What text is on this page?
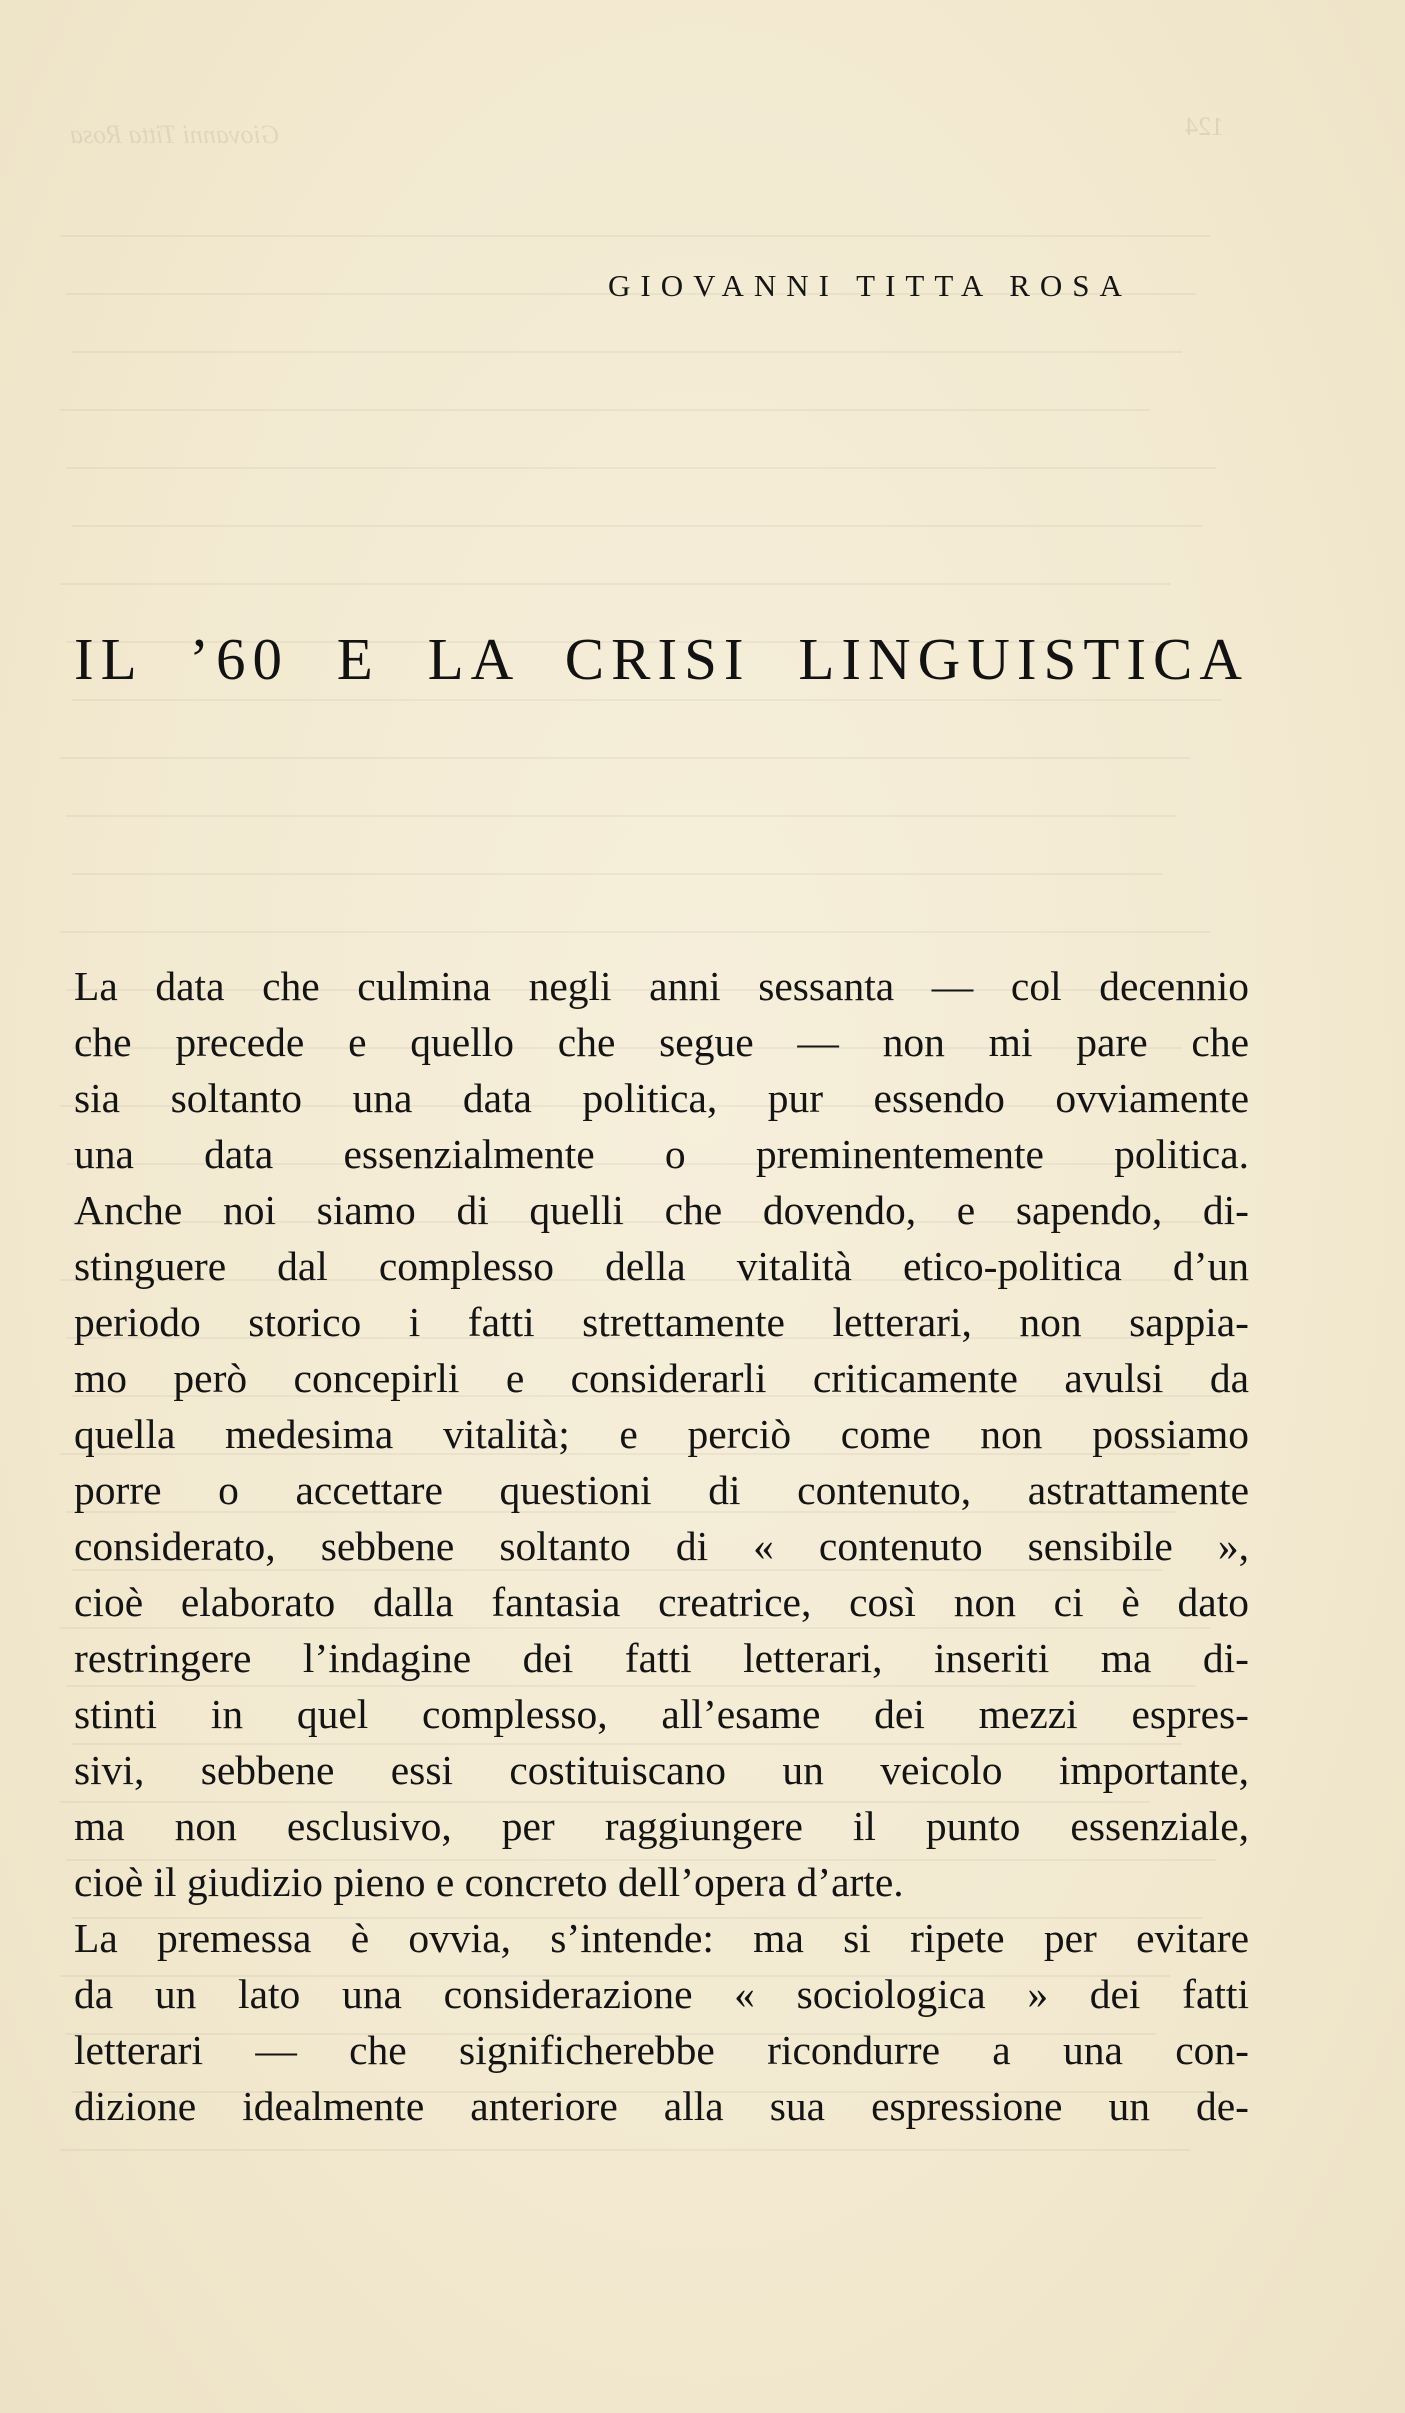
Giovanni Titta Rosa	124
GIOVANNI TITTA ROSA
IL ’60 E LA CRISI LINGUISTICA
La data che culmina negli anni sessanta — col decennio
che precede e quello che segue — non mi pare che
sia soltanto una data politica, pur essendo ovviamente
una data essenzialmente o preminentemente politica.
Anche noi siamo di quelli che dovendo, e sapendo, di-
stinguere dal complesso della vitalità etico-politica d’un
periodo storico i fatti strettamente letterari, non sappia-
mo però concepirli e considerarli criticamente avulsi da
quella medesima vitalità; e perciò come non possiamo
porre o accettare questioni di contenuto, astrattamente
considerato, sebbene soltanto di « contenuto sensibile »,
cioè elaborato dalla fantasia creatrice, così non ci è dato
restringere l’indagine dei fatti letterari, inseriti ma di-
stinti in quel complesso, all’esame dei mezzi espres-
sivi, sebbene essi costituiscano un veicolo importante,
ma non esclusivo, per raggiungere il punto essenziale,
cioè il giudizio pieno e concreto dell’opera d’arte.
La premessa è ovvia, s’intende: ma si ripete per evitare
da un lato una considerazione « sociologica » dei fatti
letterari — che significherebbe ricondurre a una con-
dizione idealmente anteriore alla sua espressione un de-
